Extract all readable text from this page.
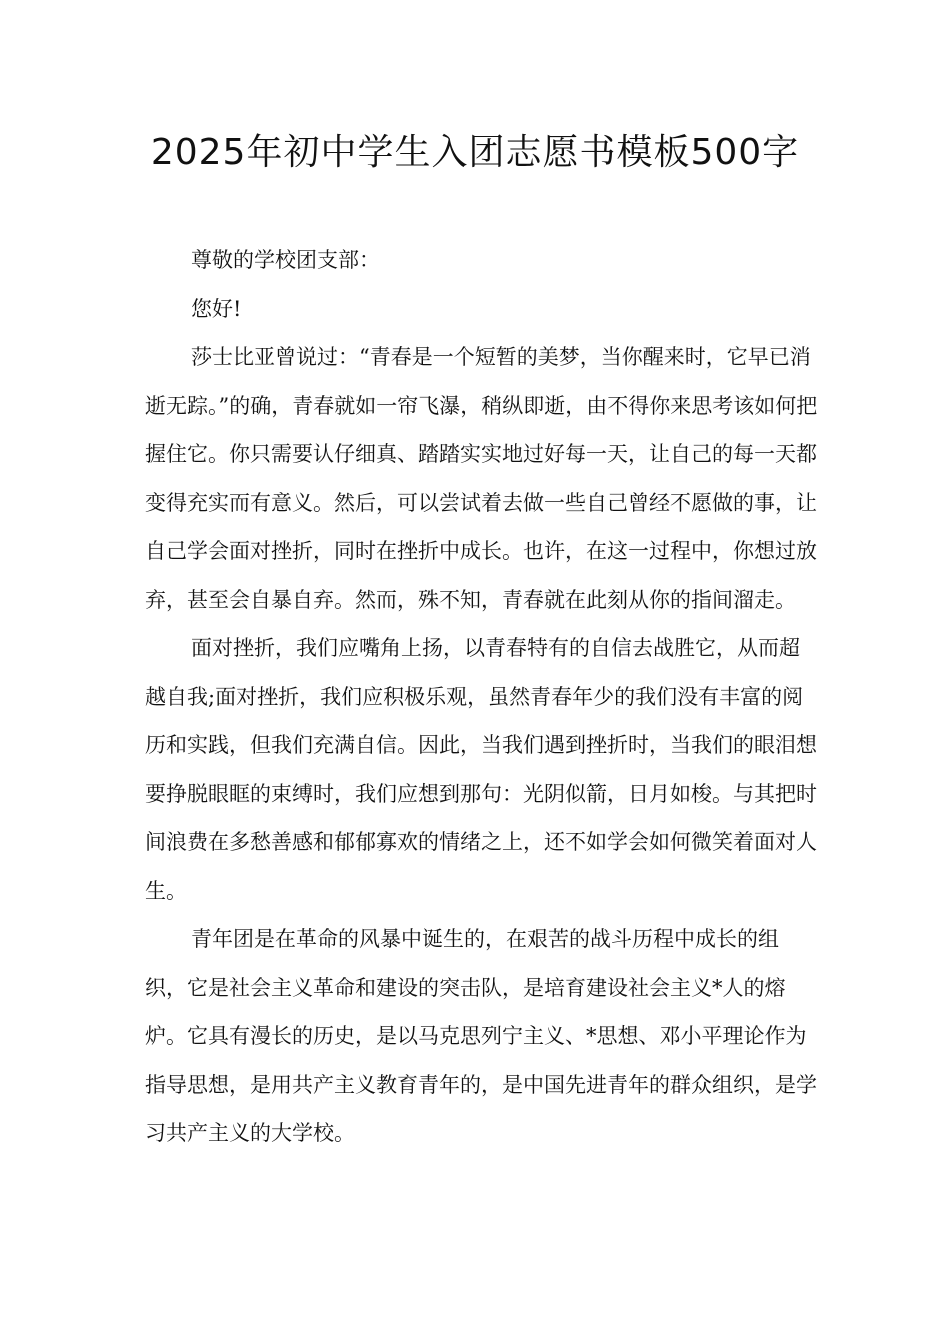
2025年初中学生入团志愿书模板500字

尊敬的学校团支部：

您好!

莎士比亚曾说过：“青春是一个短暂的美梦，当你醒来时，它早已消逝无踪。”的确，青春就如一帘飞瀑，稍纵即逝，由不得你来思考该如何把握住它。你只需要认仔细真、踏踏实实地过好每一天，让自己的每一天都变得充实而有意义。然后，可以尝试着去做一些自己曾经不愿做的事，让自己学会面对挫折，同时在挫折中成长。也许，在这一过程中，你想过放弃，甚至会自暴自弃。然而，殊不知，青春就在此刻从你的指间溜走。

面对挫折，我们应嘴角上扬，以青春特有的自信去战胜它，从而超越自我;面对挫折，我们应积极乐观，虽然青春年少的我们没有丰富的阅历和实践，但我们充满自信。因此，当我们遇到挫折时，当我们的眼泪想要挣脱眼眶的束缚时，我们应想到那句：光阴似箭，日月如梭。与其把时间浪费在多愁善感和郁郁寡欢的情绪之上，还不如学会如何微笑着面对人生。

青年团是在革命的风暴中诞生的，在艰苦的战斗历程中成长的组织，它是社会主义革命和建设的突击队，是培育建设社会主义*人的熔炉。它具有漫长的历史，是以马克思列宁主义、*思想、邓小平理论作为指导思想，是用共产主义教育青年的，是中国先进青年的群众组织，是学习共产主义的大学校。
